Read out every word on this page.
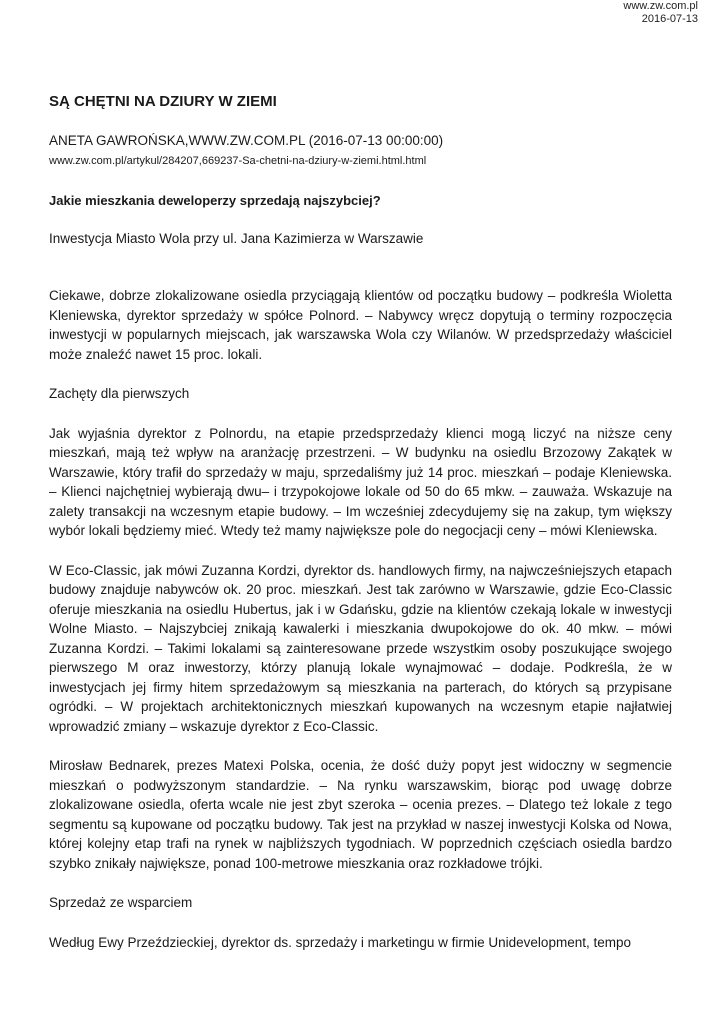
www.zw.com.pl
2016-07-13
SĄ CHĘTNI NA DZIURY W ZIEMI

ANETA GAWROŃSKA,WWW.ZW.COM.PL (2016-07-13 00:00:00)

www.zw.com.pl/artykul/284207,669237-Sa-chetni-na-dziury-w-ziemi.html.html

Jakie mieszkania deweloperzy sprzedają najszybciej?

Inwestycja Miasto Wola przy ul. Jana Kazimierza w Warszawie

Ciekawe, dobrze zlokalizowane osiedla przyciągają klientów od początku budowy – podkreśla Wioletta Kleniewska, dyrektor sprzedaży w spółce Polnord. – Nabywcy wręcz dopytują o terminy rozpoczęcia inwestycji w popularnych miejscach, jak warszawska Wola czy Wilanów. W przedsprzedaży właściciel może znaleźć nawet 15 proc. lokali.

Zachęty dla pierwszych

Jak wyjaśnia dyrektor z Polnordu, na etapie przedsprzedaży klienci mogą liczyć na niższe ceny mieszkań, mają też wpływ na aranżację przestrzeni. – W budynku na osiedlu Brzozowy Zakątek w Warszawie, który trafił do sprzedaży w maju, sprzedaliśmy już 14 proc. mieszkań – podaje Kleniewska. – Klienci najchętniej wybierają dwu– i trzypokojowe lokale od 50 do 65 mkw. – zauważa. Wskazuje na zalety transakcji na wczesnym etapie budowy. – Im wcześniej zdecydujemy się na zakup, tym większy wybór lokali będziemy mieć. Wtedy też mamy największe pole do negocjacji ceny – mówi Kleniewska.

W Eco-Classic, jak mówi Zuzanna Kordzi, dyrektor ds. handlowych firmy, na najwcześniejszych etapach budowy znajduje nabywców ok. 20 proc. mieszkań. Jest tak zarówno w Warszawie, gdzie Eco-Classic oferuje mieszkania na osiedlu Hubertus, jak i w Gdańsku, gdzie na klientów czekają lokale w inwestycji Wolne Miasto. – Najszybciej znikają kawalerki i mieszkania dwupokojowe do ok. 40 mkw. – mówi Zuzanna Kordzi. – Takimi lokalami są zainteresowane przede wszystkim osoby poszukujące swojego pierwszego M oraz inwestorzy, którzy planują lokale wynajmować – dodaje. Podkreśla, że w inwestycjach jej firmy hitem sprzedażowym są mieszkania na parterach, do których są przypisane ogródki. – W projektach architektonicznych mieszkań kupowanych na wczesnym etapie najłatwiej wprowadzić zmiany – wskazuje dyrektor z Eco-Classic.

Mirosław Bednarek, prezes Matexi Polska, ocenia, że dość duży popyt jest widoczny w segmencie mieszkań o podwyższonym standardzie. – Na rynku warszawskim, biorąc pod uwagę dobrze zlokalizowane osiedla, oferta wcale nie jest zbyt szeroka – ocenia prezes. – Dlatego też lokale z tego segmentu są kupowane od początku budowy. Tak jest na przykład w naszej inwestycji Kolska od Nowa, której kolejny etap trafi na rynek w najbliższych tygodniach. W poprzednich częściach osiedla bardzo szybko znikały największe, ponad 100-metrowe mieszkania oraz rozkładowe trójki.

Sprzedaż ze wsparciem

Według Ewy Przeździeckiej, dyrektor ds. sprzedaży i marketingu w firmie Unidevelopment, tempo
